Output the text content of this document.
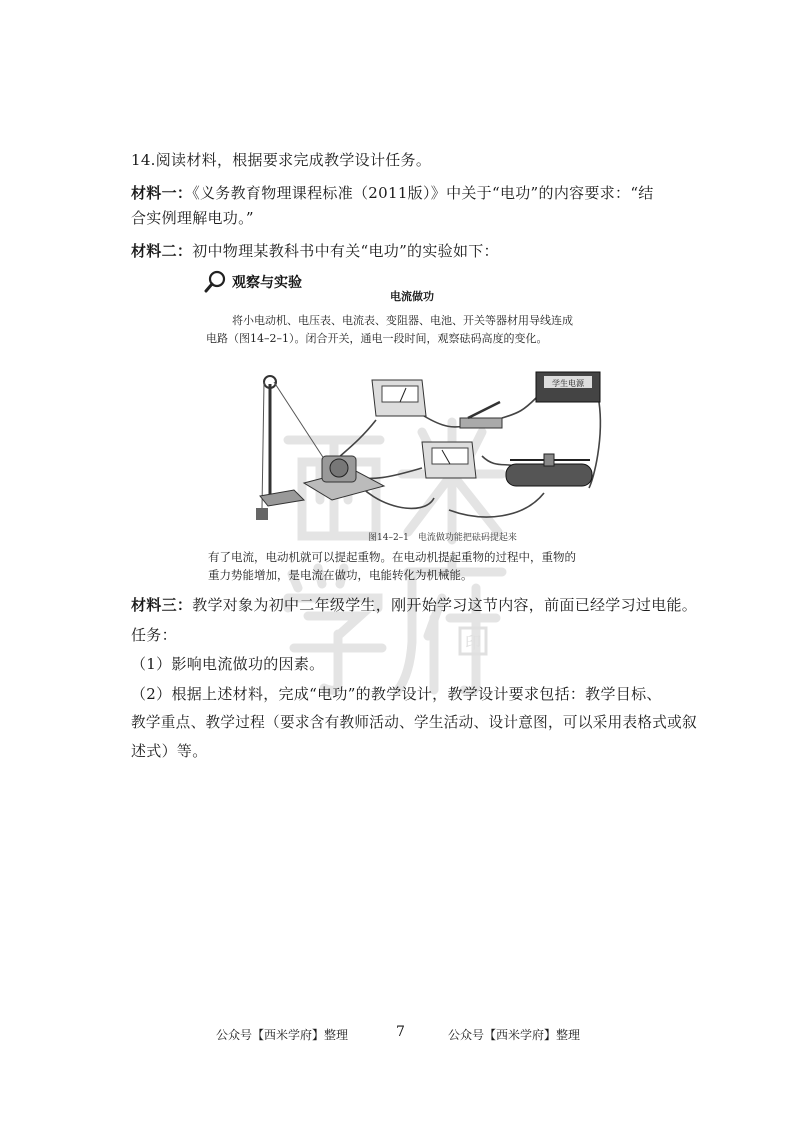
印
14.阅读材料，根据要求完成教学设计任务。
材料一：《义务教育物理课程标准（2011版）》中关于“电功”的内容要求：“结
合实例理解电功。”
材料二：初中物理某教科书中有关“电功”的实验如下：
观察与实验
电流做功
将小电动机、电压表、电流表、变阻器、电池、开关等器材用导线连成
电路（图14–2–1）。闭合开关，通电一段时间，观察砝码高度的变化。
学生电源
图14–2–1　电流做功能把砝码提起来
有了电流，电动机就可以提起重物。在电动机提起重物的过程中，重物的
重力势能增加，是电流在做功，电能转化为机械能。
材料三：教学对象为初中二年级学生，刚开始学习这节内容，前面已经学习过电能。
任务：
（1）影响电流做功的因素。
（2）根据上述材料，完成“电功”的教学设计，教学设计要求包括：教学目标、
教学重点、教学过程（要求含有教师活动、学生活动、设计意图，可以采用表格式或叙
述式）等。
公众号【西米学府】整理	7	公众号【西米学府】整理
